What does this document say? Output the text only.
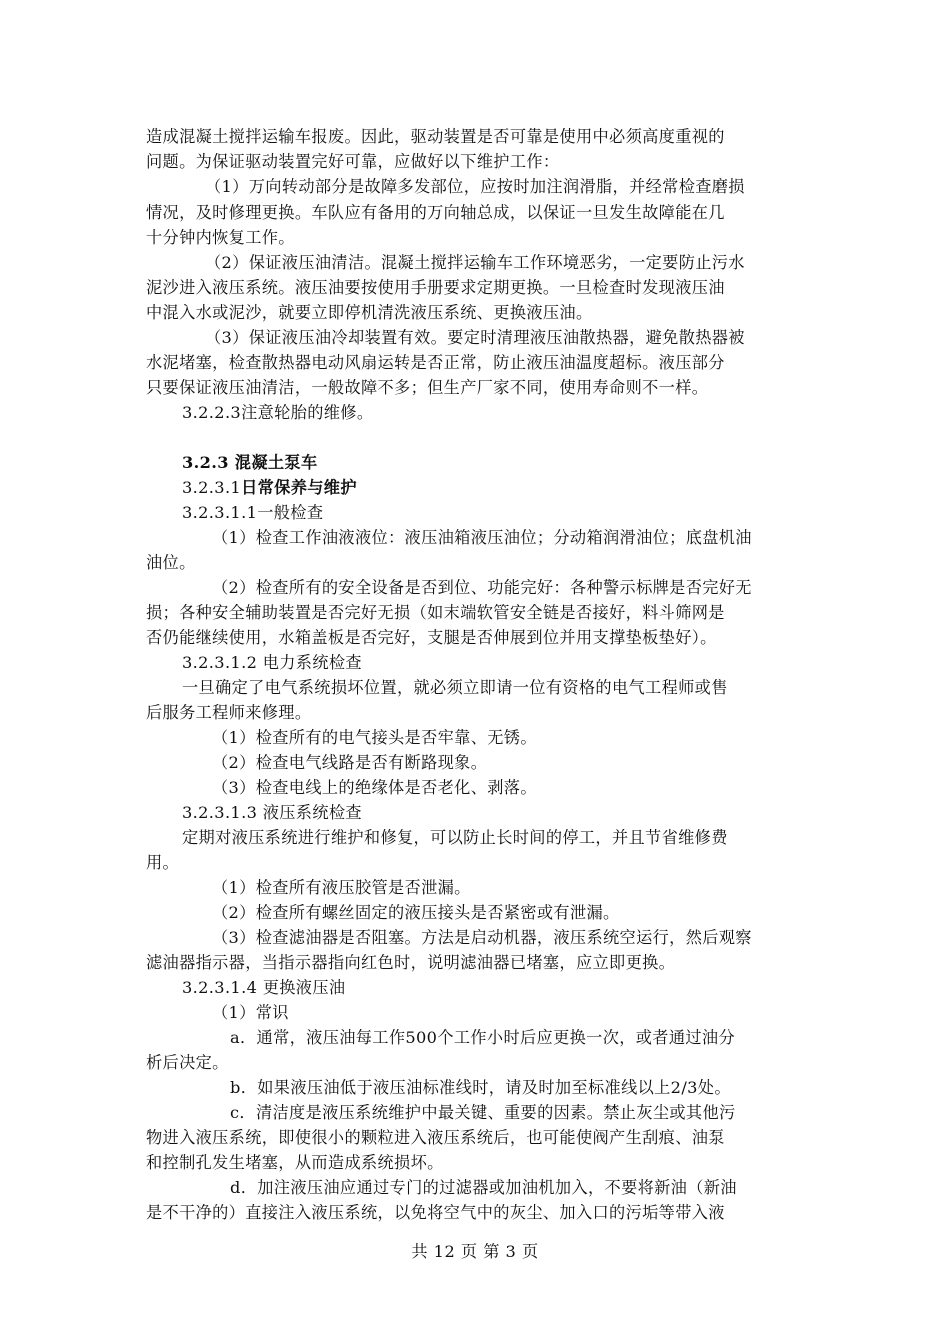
造成混凝土搅拌运输车报废。因此，驱动装置是否可靠是使用中必须高度重视的
问题。为保证驱动装置完好可靠，应做好以下维护工作：
（1）万向转动部分是故障多发部位，应按时加注润滑脂，并经常检查磨损
情况，及时修理更换。车队应有备用的万向轴总成，以保证一旦发生故障能在几
十分钟内恢复工作。
（2）保证液压油清洁。混凝土搅拌运输车工作环境恶劣，一定要防止污水
泥沙进入液压系统。液压油要按使用手册要求定期更换。一旦检查时发现液压油
中混入水或泥沙，就要立即停机清洗液压系统、更换液压油。
（3）保证液压油冷却装置有效。要定时清理液压油散热器，避免散热器被
水泥堵塞，检查散热器电动风扇运转是否正常，防止液压油温度超标。液压部分
只要保证液压油清洁，一般故障不多；但生产厂家不同，使用寿命则不一样。
3.2.2.3注意轮胎的维修。
3.2.3 混凝土泵车
3.2.3.1日常保养与维护
3.2.3.1.1一般检查
（1）检查工作油液液位：液压油箱液压油位；分动箱润滑油位；底盘机油
油位。
（2）检查所有的安全设备是否到位、功能完好：各种警示标牌是否完好无
损；各种安全辅助装置是否完好无损（如末端软管安全链是否接好，料斗筛网是
否仍能继续使用，水箱盖板是否完好，支腿是否伸展到位并用支撑垫板垫好）。
3.2.3.1.2 电力系统检查
一旦确定了电气系统损坏位置，就必须立即请一位有资格的电气工程师或售
后服务工程师来修理。
（1）检查所有的电气接头是否牢靠、无锈。
（2）检查电气线路是否有断路现象。
（3）检查电线上的绝缘体是否老化、剥落。
3.2.3.1.3 液压系统检查
定期对液压系统进行维护和修复，可以防止长时间的停工，并且节省维修费
用。
（1）检查所有液压胶管是否泄漏。
（2）检查所有螺丝固定的液压接头是否紧密或有泄漏。
（3）检查滤油器是否阻塞。方法是启动机器，液压系统空运行，然后观察
滤油器指示器，当指示器指向红色时，说明滤油器已堵塞，应立即更换。
3.2.3.1.4 更换液压油
（1）常识
a．通常，液压油每工作500个工作小时后应更换一次，或者通过油分
析后决定。
b．如果液压油低于液压油标准线时，请及时加至标准线以上2/3处。
c．清洁度是液压系统维护中最关键、重要的因素。禁止灰尘或其他污
物进入液压系统，即使很小的颗粒进入液压系统后，也可能使阀产生刮痕、油泵
和控制孔发生堵塞，从而造成系统损坏。
d．加注液压油应通过专门的过滤器或加油机加入，不要将新油（新油
是不干净的）直接注入液压系统，以免将空气中的灰尘、加入口的污垢等带入液
共 12 页 第 3 页
